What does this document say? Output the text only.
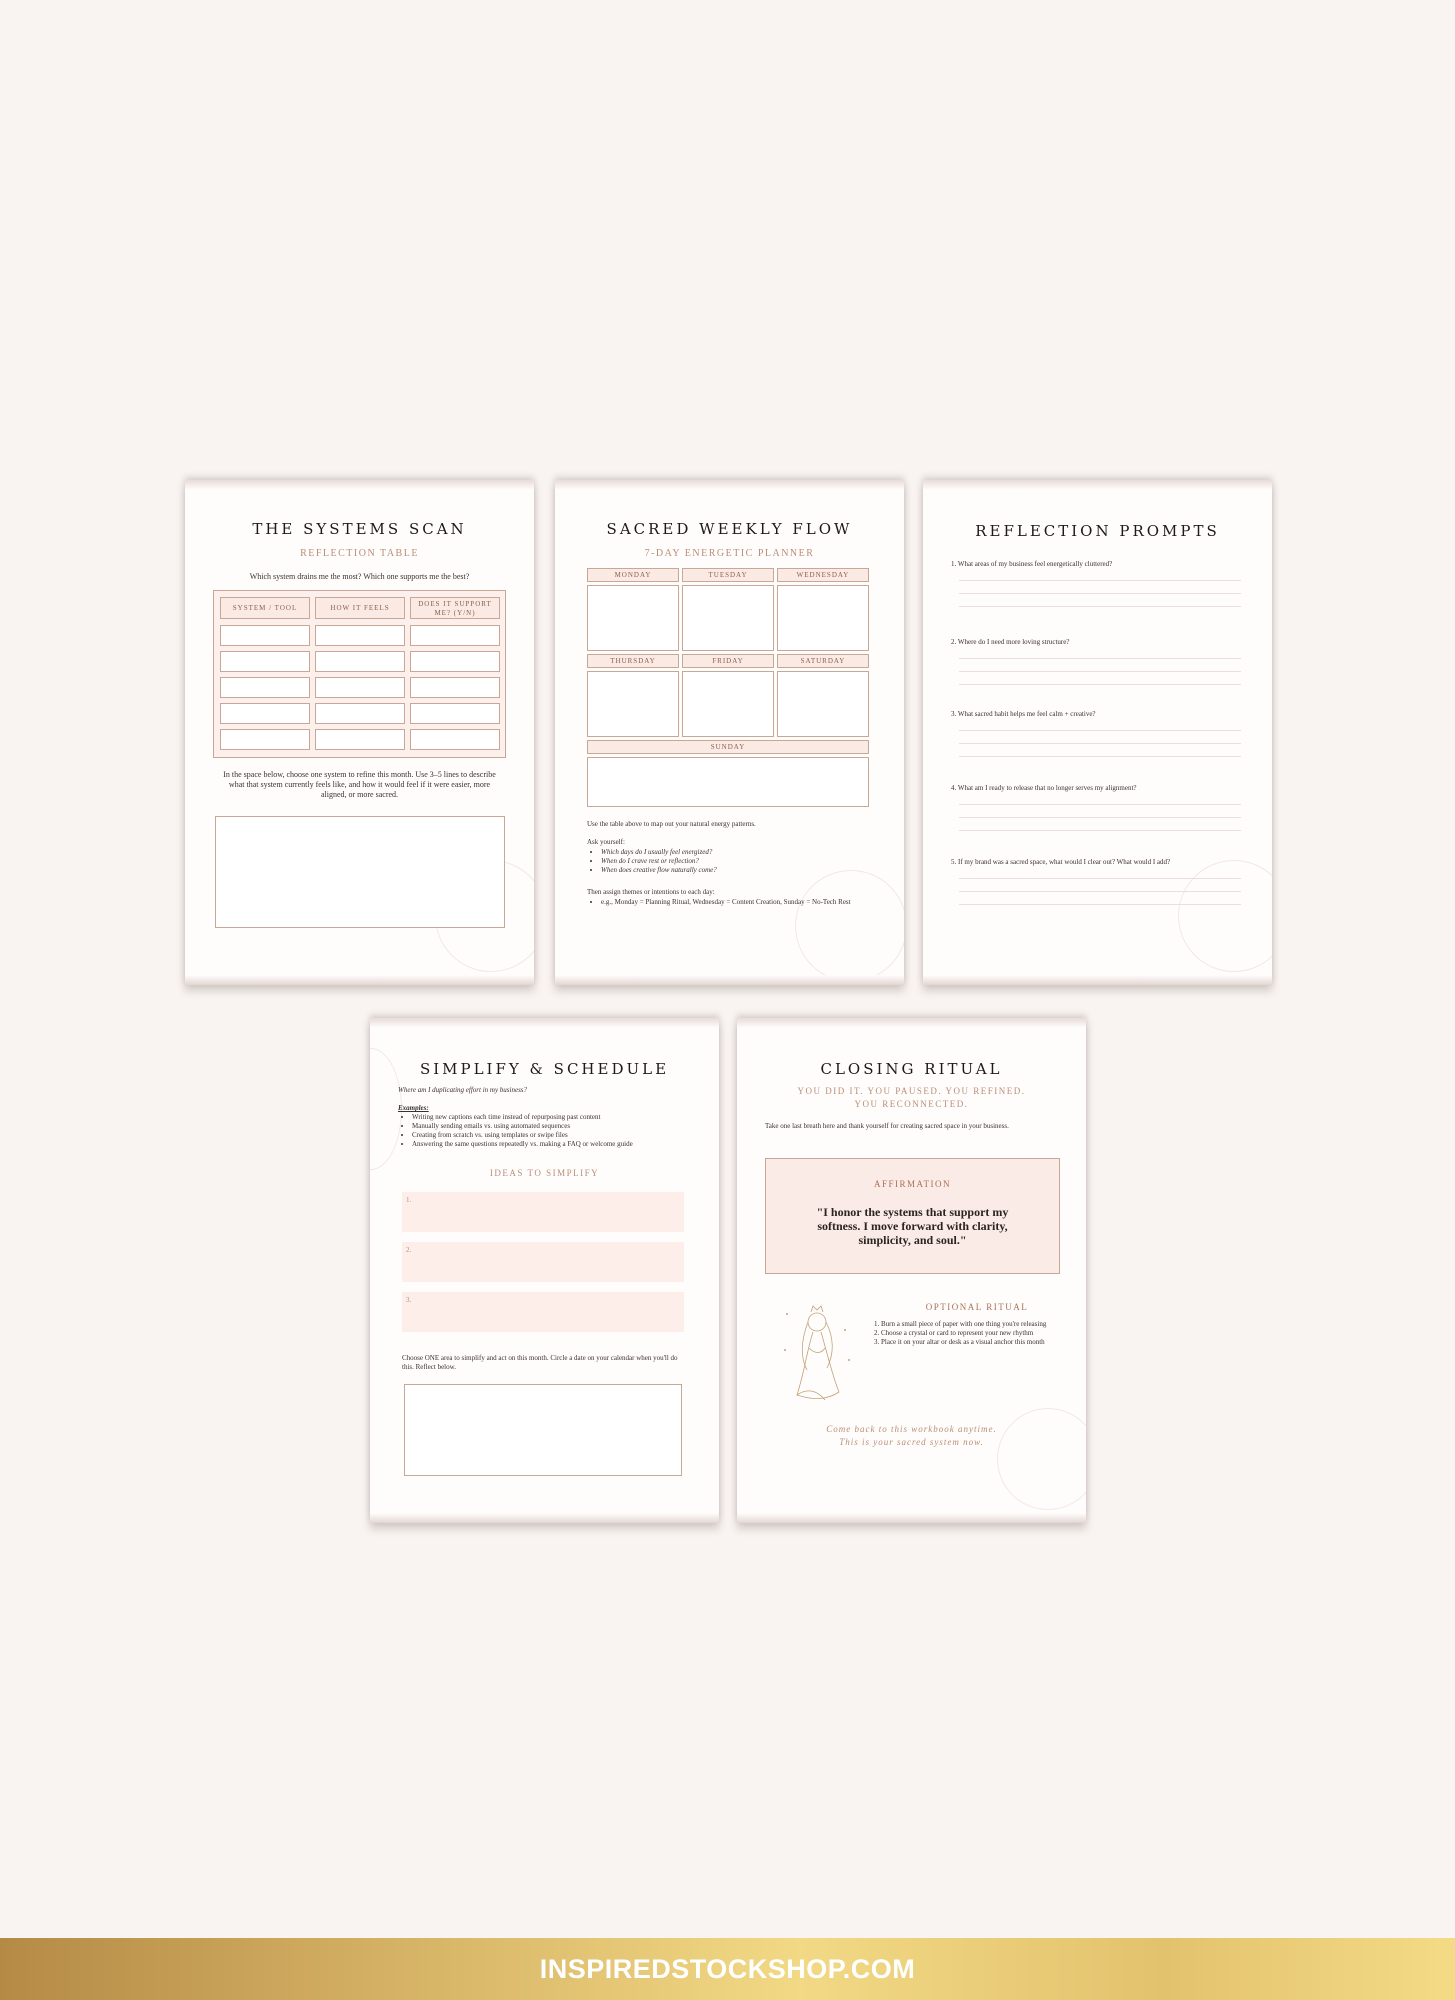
THE SYSTEMS SCAN
REFLECTION TABLE
Which system drains me the most? Which one supports me the best?
SYSTEM / TOOL	HOW IT FEELS	DOES IT SUPPORT ME? (Y/N)
In the space below, choose one system to refine this month. Use 3–5 lines to describe what that system currently feels like, and how it would feel if it were easier, more aligned, or more sacred.
SACRED WEEKLY FLOW
7-DAY ENERGETIC PLANNER
MONDAY	TUESDAY	WEDNESDAY
THURSDAY	FRIDAY	SATURDAY
SUNDAY
Use the table above to map out your natural energy patterns.
Ask yourself:
• Which days do I usually feel energized?
• When do I crave rest or reflection?
• When does creative flow naturally come?
Then assign themes or intentions to each day:
• e.g., Monday = Planning Ritual, Wednesday = Content Creation, Sunday = No-Tech Rest
REFLECTION PROMPTS
1. What areas of my business feel energetically cluttered?
2. Where do I need more loving structure?
3. What sacred habit helps me feel calm + creative?
4. What am I ready to release that no longer serves my alignment?
5. If my brand was a sacred space, what would I clear out? What would I add?
SIMPLIFY & SCHEDULE
Where am I duplicating effort in my business?
Examples:
• Writing new captions each time instead of repurposing past content
• Manually sending emails vs. using automated sequences
• Creating from scratch vs. using templates or swipe files
• Answering the same questions repeatedly vs. making a FAQ or welcome guide
IDEAS TO SIMPLIFY
1.
2.
3.
Choose ONE area to simplify and act on this month. Circle a date on your calendar when you'll do this. Reflect below.
CLOSING RITUAL
YOU DID IT. YOU PAUSED. YOU REFINED.
YOU RECONNECTED.
Take one last breath here and thank yourself for creating sacred space in your business.
AFFIRMATION
"I honor the systems that support my softness. I move forward with clarity, simplicity, and soul."
OPTIONAL RITUAL
1. Burn a small piece of paper with one thing you're releasing
2. Choose a crystal or card to represent your new rhythm
3. Place it on your altar or desk as a visual anchor this month
Come back to this workbook anytime.
This is your sacred system now.
INSPIREDSTOCKSHOP.COM
